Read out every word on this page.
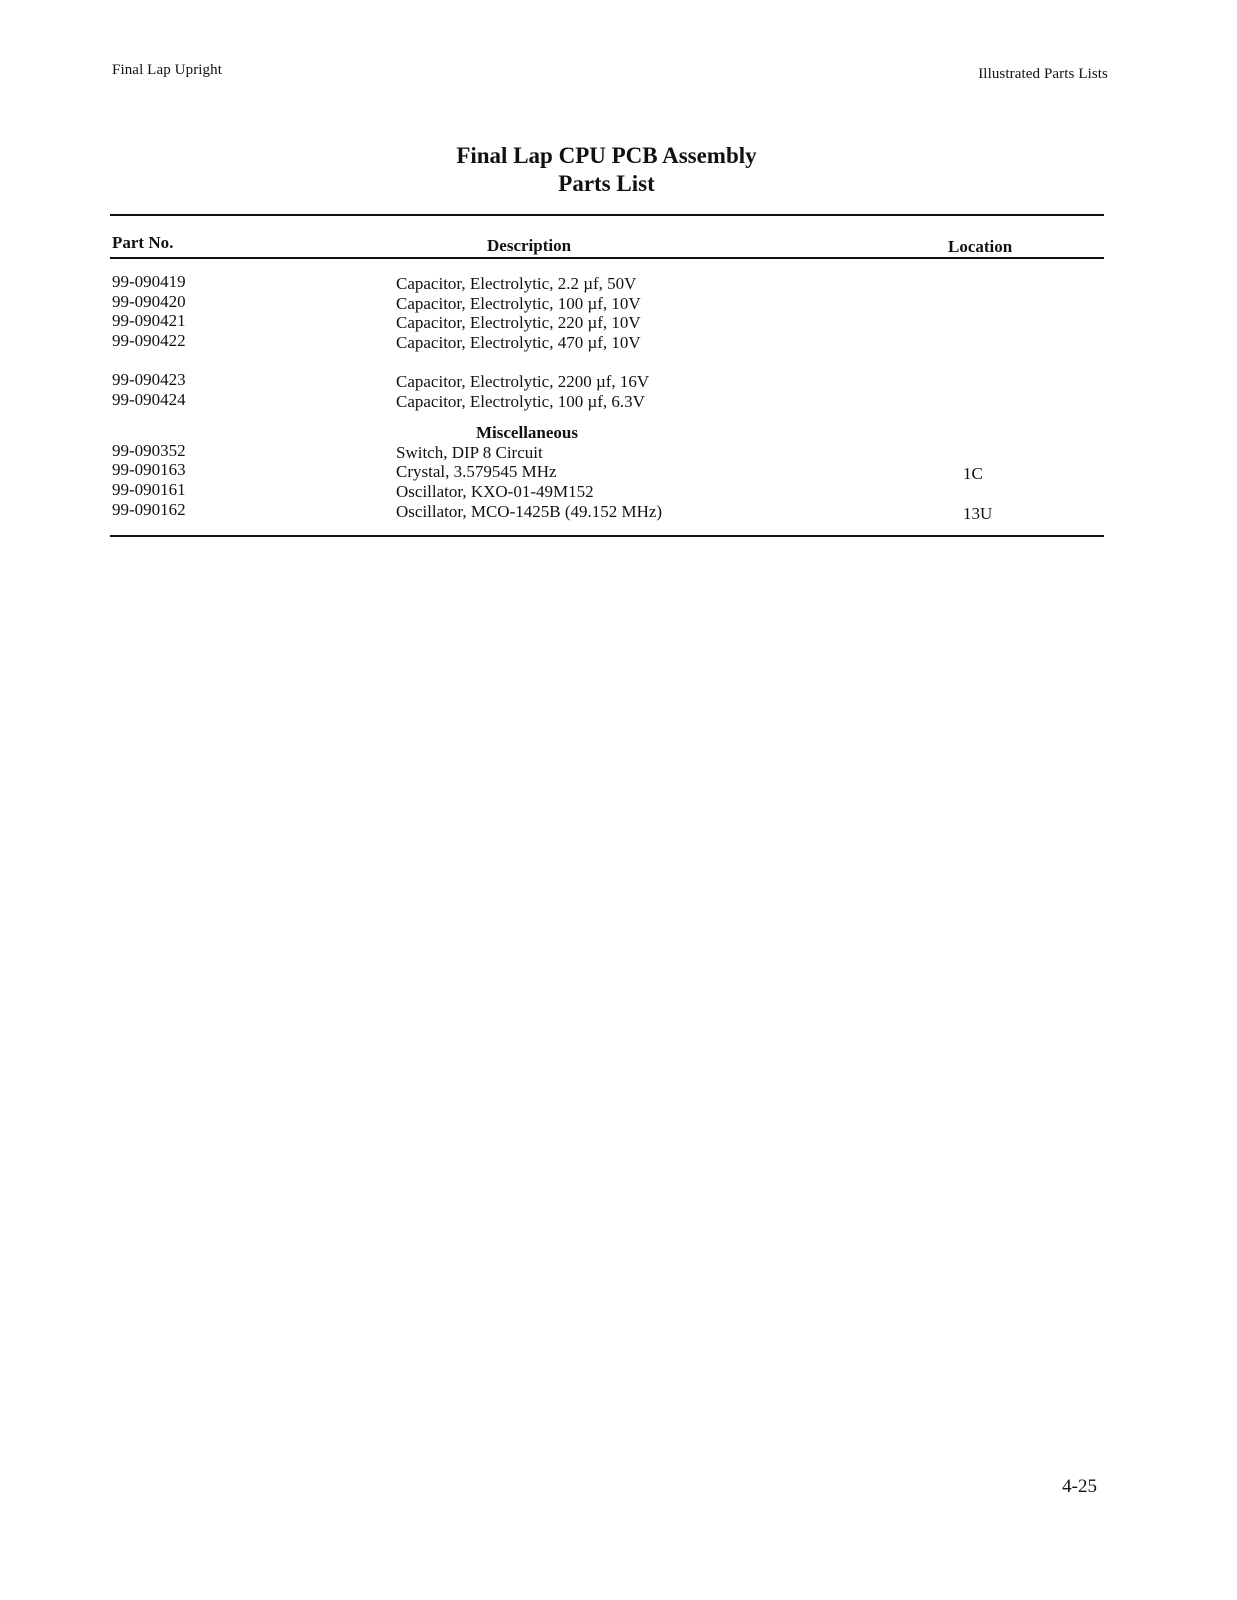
Final Lap Upright	Illustrated Parts Lists
Final Lap CPU PCB Assembly
Parts List
Part No.	Description	Location
99-090419	Capacitor, Electrolytic, 2.2 µf, 50V
99-090420	Capacitor, Electrolytic, 100 µf, 10V
99-090421	Capacitor, Electrolytic, 220 µf, 10V
99-090422	Capacitor, Electrolytic, 470 µf, 10V
99-090423	Capacitor, Electrolytic, 2200 µf, 16V
99-090424	Capacitor, Electrolytic, 100 µf, 6.3V
Miscellaneous
99-090352	Switch, DIP 8 Circuit
99-090163	Crystal, 3.579545 MHz	1C
99-090161	Oscillator, KXO-01-49M152
99-090162	Oscillator, MCO-1425B (49.152 MHz)	13U
4-25
